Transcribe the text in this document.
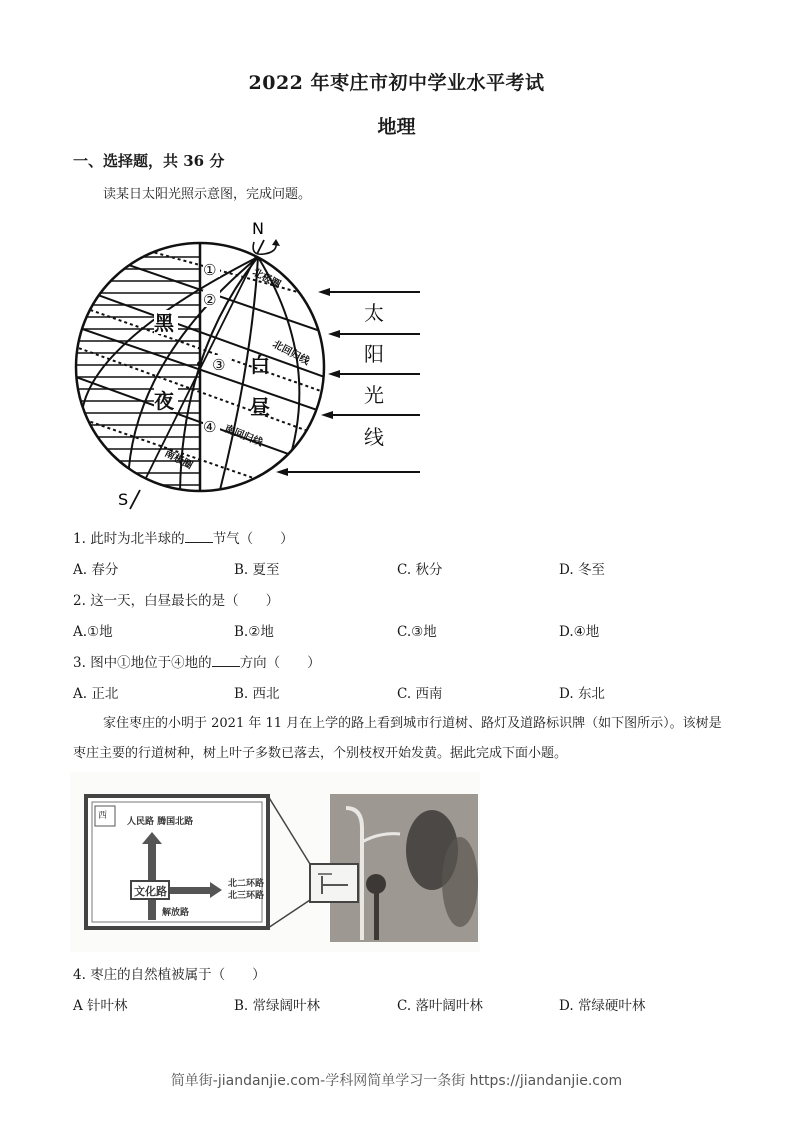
2022 年枣庄市初中学业水平考试
地理
一、选择题，共 36 分
读某日太阳光照示意图，完成问题。
N
S
①
②
③
④
黑
夜
白
昼
北极圈
北回归线
南回归线
南极圈
太
阳
光
线
1. 此时为北半球的 节气（　　）
A. 春分	B. 夏至	C. 秋分	D. 冬至
2. 这一天，白昼最长的是（　　）
A.①地	B.②地	C.③地	D.④地
3. 图中①地位于④地的 方向（　　）
A. 正北	B. 西北	C. 西南	D. 东北
家住枣庄的小明于 2021 年 11 月在上学的路上看到城市行道树、路灯及道路标识牌（如下图所示）。该树是枣庄主要的行道树种，树上叶子多数已落去，个别枝杈开始发黄。据此完成下面小题。
西
人民路 腾国北路
文化路
北二环路
北三环路
解放路
4. 枣庄的自然植被属于（　　）
A 针叶林	B. 常绿阔叶林	C. 落叶阔叶林	D. 常绿硬叶林
简单街-jiandanjie.com-学科网简单学习一条街 https://jiandanjie.com
